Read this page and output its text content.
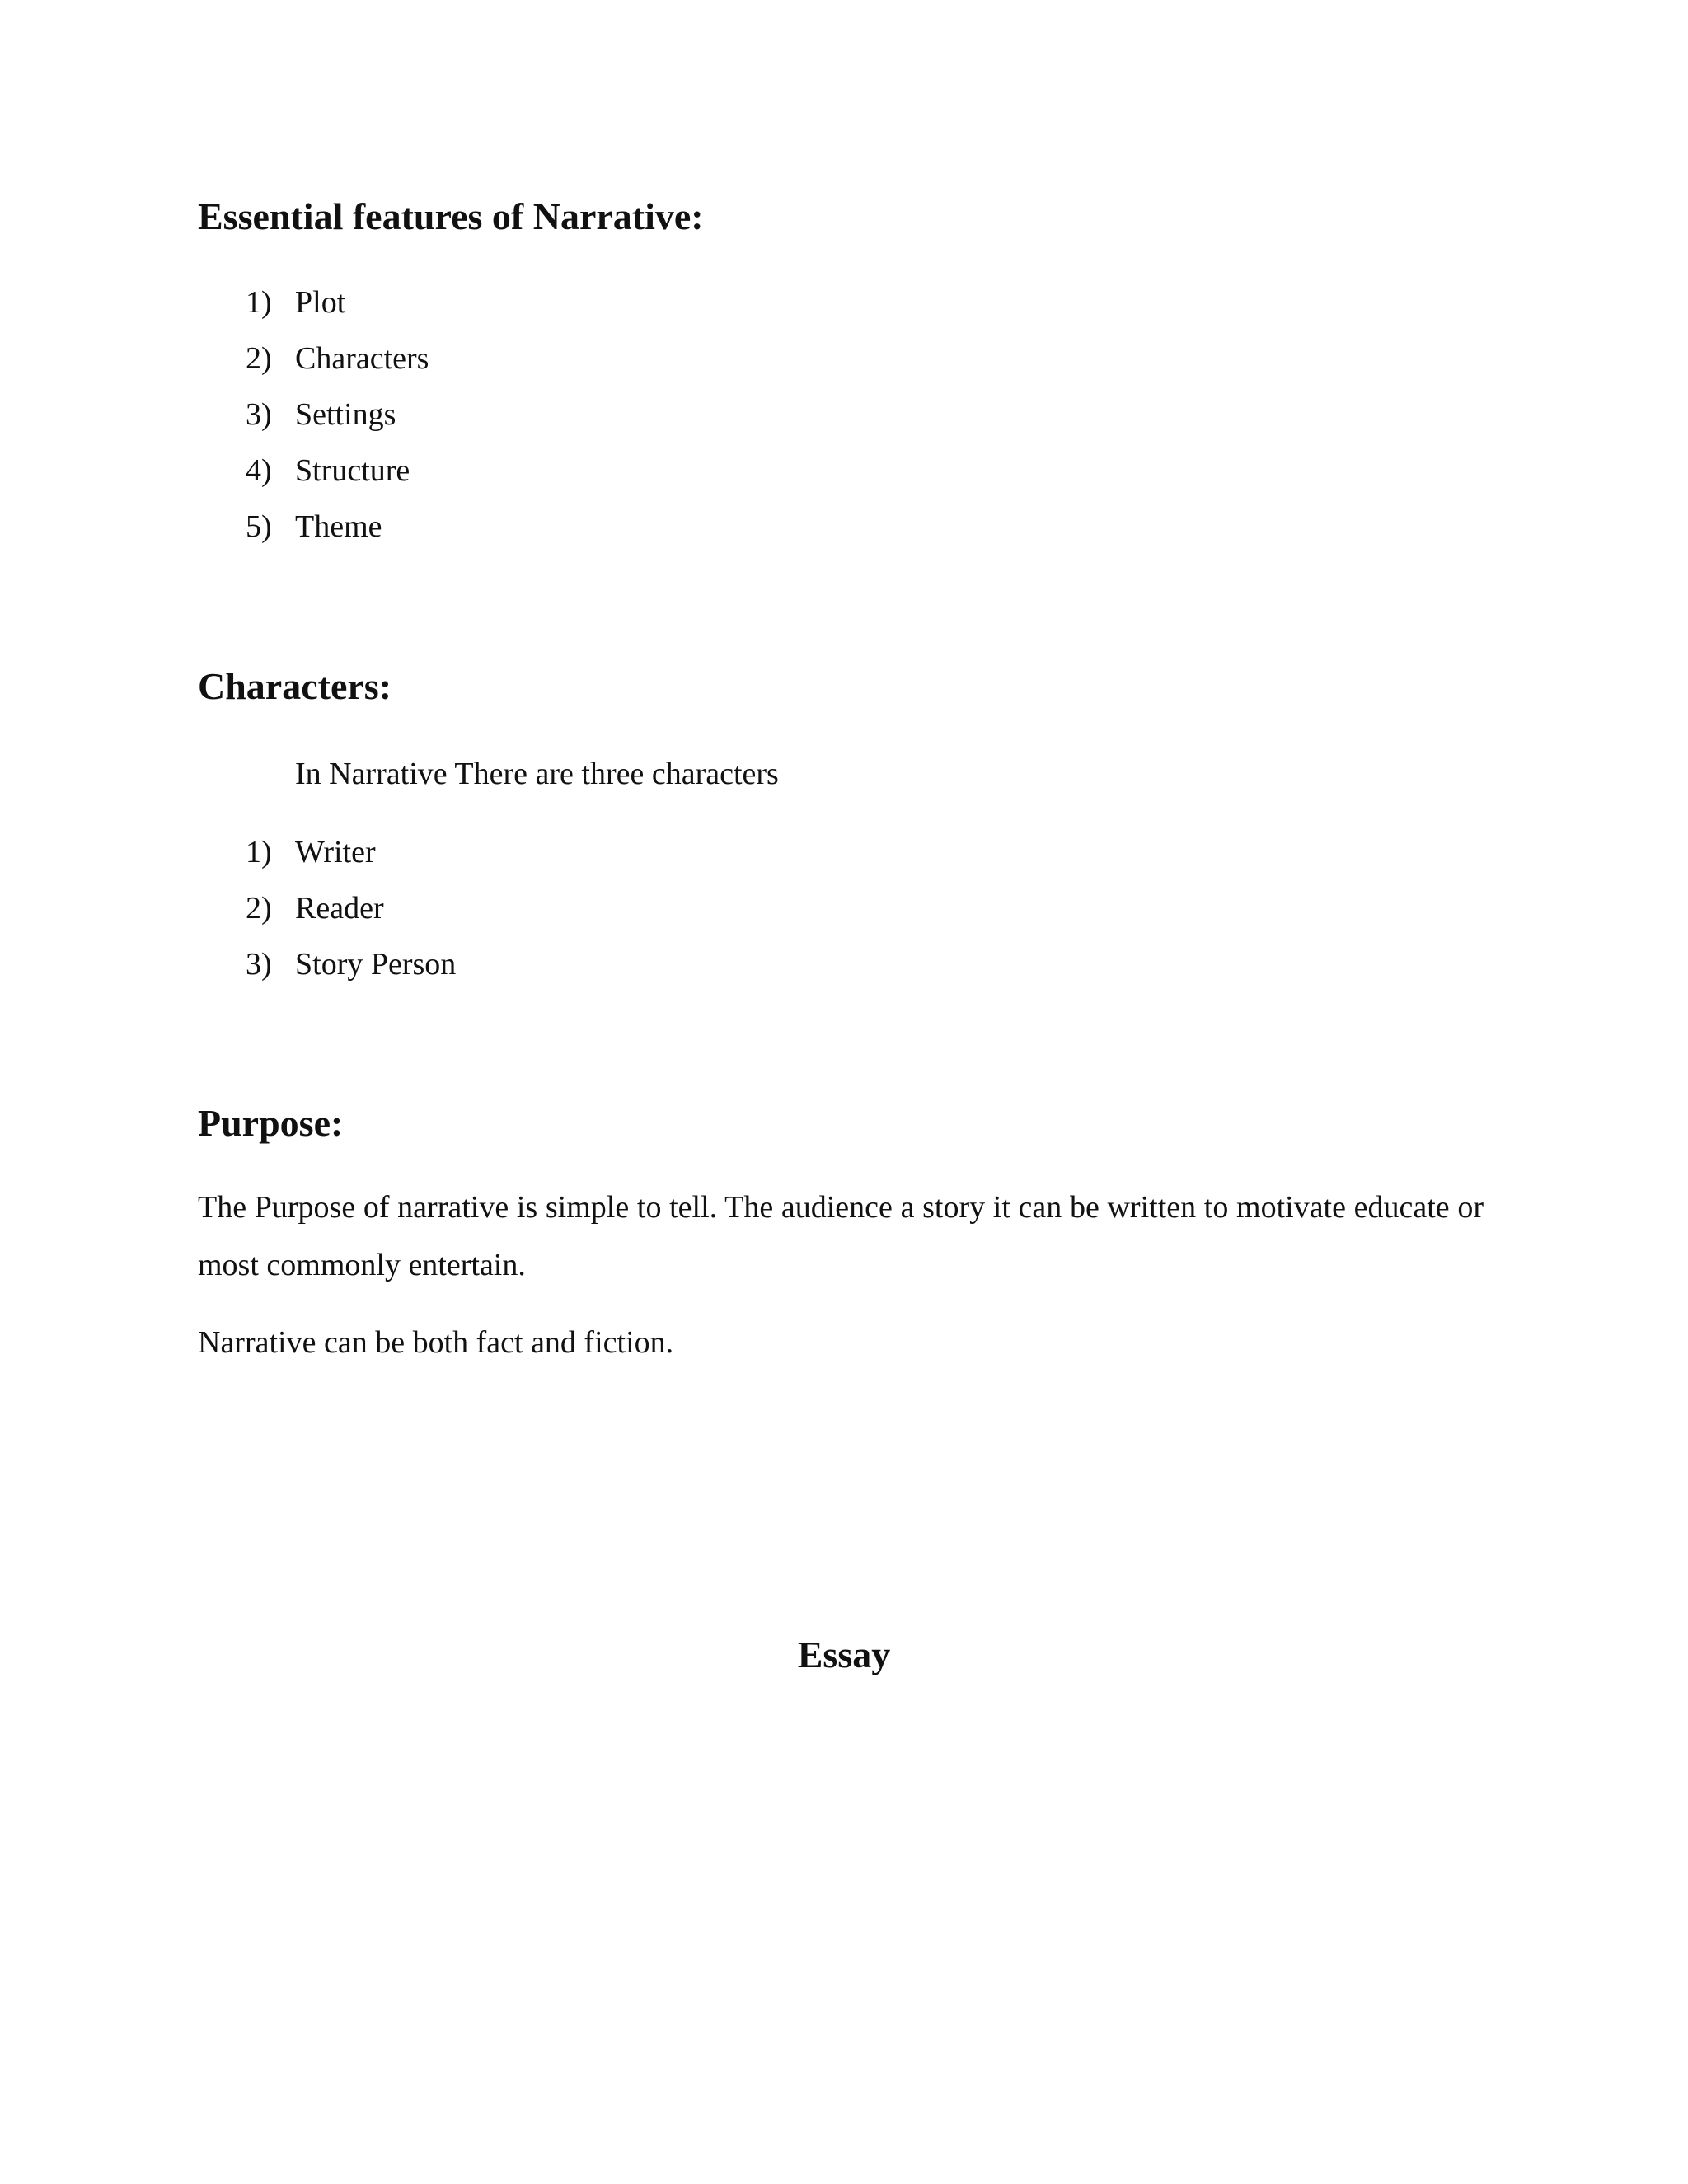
Essential features of Narrative:
1) Plot
2) Characters
3) Settings
4) Structure
5) Theme
Characters:

In Narrative There are three characters

1) Writer
2) Reader
3) Story Person
Purpose:

The Purpose of narrative is simple to tell. The audience a story it can be written to motivate educate or most commonly entertain.

Narrative can be both fact and fiction.

Essay
